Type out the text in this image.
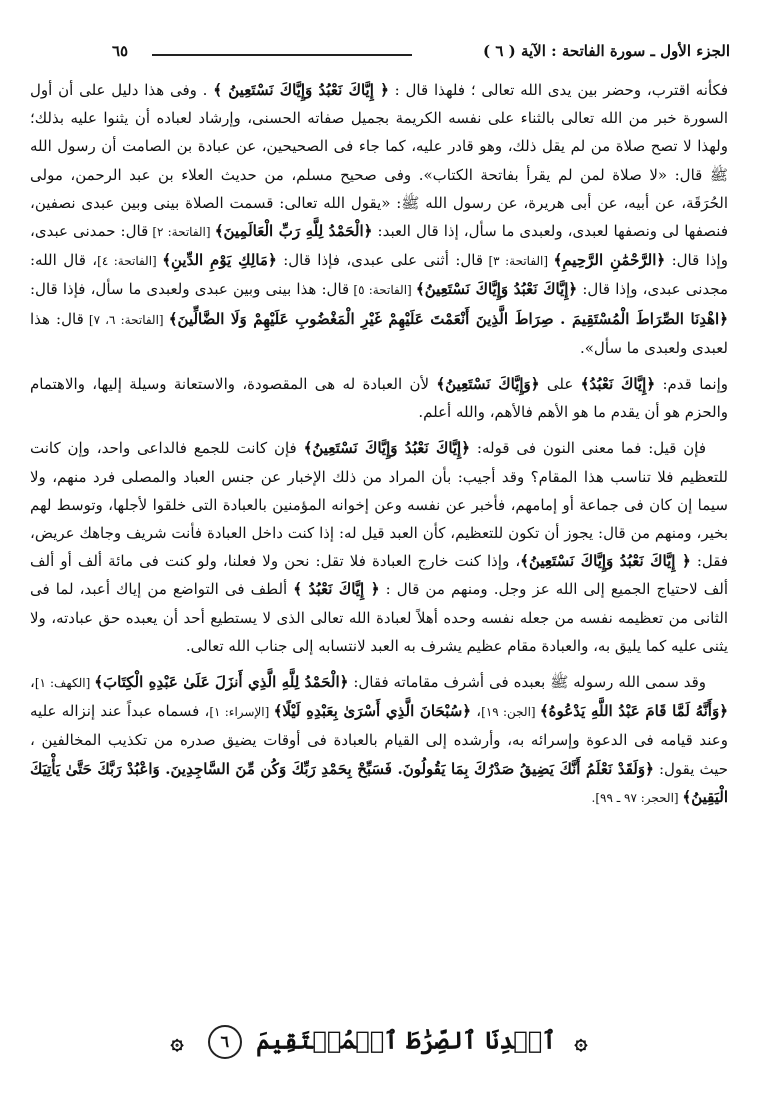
الجزء الأول ـ سورة الفاتحة : الآية ( ٦ )
٦٥

فكأنه اقترب، وحضر بين يدى الله تعالى ؛ فلهذا قال : ﴿ إِيَّاكَ نَعْبُدُ وَإِيَّاكَ نَسْتَعِينُ ﴾ . وفى هذا دليل على أن أول السورة خبر من الله تعالى بالثناء على نفسه الكريمة بجميل صفاته الحسنى، وإرشاد لعباده أن يثنوا عليه بذلك؛ ولهذا لا تصح صلاة من لم يقل ذلك، وهو قادر عليه، كما جاء فى الصحيحين، عن عبادة بن الصامت أن رسول الله ﷺ قال: «لا صلاة لمن لم يقرأ بفاتحة الكتاب». وفى صحيح مسلم، من حديث العلاء بن عبد الرحمن، مولى الحُرَقَة، عن أبيه، عن أبى هريرة، عن رسول الله ﷺ: «يقول الله تعالى: قسمت الصلاة بينى وبين عبدى نصفين، فنصفها لى ونصفها لعبدى، ولعبدى ما سأل، إذا قال العبد: ﴿الْحَمْدُ لِلَّهِ رَبِّ الْعَالَمِينَ﴾ [الفاتحة: ٢] قال: حمدنى عبدى، وإذا قال: ﴿الرَّحْمَٰنِ الرَّحِيمِ﴾ [الفاتحة: ٣] قال: أثنى على عبدى، فإذا قال: ﴿مَالِكِ يَوْمِ الدِّينِ﴾ [الفاتحة: ٤]، قال الله: مجدنى عبدى، وإذا قال: ﴿إِيَّاكَ نَعْبُدُ وَإِيَّاكَ نَسْتَعِينُ﴾ [الفاتحة: ٥] قال: هذا بينى وبين عبدى ولعبدى ما سأل، فإذا قال: ﴿اهْدِنَا الصِّرَاطَ الْمُسْتَقِيمَ . صِرَاطَ الَّذِينَ أَنْعَمْتَ عَلَيْهِمْ غَيْرِ الْمَغْضُوبِ عَلَيْهِمْ وَلَا الضَّالِّينَ﴾ [الفاتحة: ٦، ٧] قال: هذا لعبدى ولعبدى ما سأل».

وإنما قدم: ﴿إِيَّاكَ نَعْبُدُ﴾ على ﴿وَإِيَّاكَ نَسْتَعِينُ﴾ لأن العبادة له هى المقصودة، والاستعانة وسيلة إليها، والاهتمام والحزم هو أن يقدم ما هو الأهم فالأهم، والله أعلم.

فإن قيل: فما معنى النون فى قوله: ﴿إِيَّاكَ نَعْبُدُ وَإِيَّاكَ نَسْتَعِينُ﴾ فإن كانت للجمع فالداعى واحد، وإن كانت للتعظيم فلا تناسب هذا المقام؟ وقد أجيب: بأن المراد من ذلك الإخبار عن جنس العباد والمصلى فرد منهم، ولا سيما إن كان فى جماعة أو إمامهم، فأخبر عن نفسه وعن إخوانه المؤمنين بالعبادة التى خلقوا لأجلها، وتوسط لهم بخير، ومنهم من قال: يجوز أن تكون للتعظيم، كأن العبد قيل له: إذا كنت داخل العبادة فأنت شريف وجاهك عريض، فقل: ﴿ إِيَّاكَ نَعْبُدُ وَإِيَّاكَ نَسْتَعِينُ﴾، وإذا كنت خارج العبادة فلا تقل: نحن ولا فعلنا، ولو كنت فى مائة ألف أو ألف ألف لاحتياج الجميع إلى الله عز وجل. ومنهم من قال : ﴿ إِيَّاكَ نَعْبُدُ ﴾ ألطف فى التواضع من إياك أعبد، لما فى الثانى من تعظيمه نفسه من جعله نفسه وحده أهلاً لعبادة الله تعالى الذى لا يستطيع أحد أن يعبده حق عبادته، ولا يثنى عليه كما يليق به، والعبادة مقام عظيم يشرف به العبد لانتسابه إلى جناب الله تعالى.

وقد سمى الله رسوله ﷺ بعبده فى أشرف مقاماته فقال: ﴿الْحَمْدُ لِلَّهِ الَّذِي أَنزَلَ عَلَىٰ عَبْدِهِ الْكِتَابَ﴾ [الكهف: ١]، ﴿وَأَنَّهُ لَمَّا قَامَ عَبْدُ اللَّهِ يَدْعُوهُ﴾ [الجن: ١٩]، ﴿سُبْحَانَ الَّذِي أَسْرَىٰ بِعَبْدِهِ لَيْلًا﴾ [الإسراء: ١]، فسماه عبداً عند إنزاله عليه وعند قيامه فى الدعوة وإسرائه به، وأرشده إلى القيام بالعبادة فى أوقات يضيق صدره من تكذيب المخالفين ، حيث يقول: ﴿وَلَقَدْ نَعْلَمُ أَنَّكَ يَضِيقُ صَدْرُكَ بِمَا يَقُولُونَ. فَسَبِّحْ بِحَمْدِ رَبِّكَ وَكُن مِّنَ السَّاجِدِينَ. وَاعْبُدْ رَبَّكَ حَتَّىٰ يَأْتِيَكَ الْيَقِينُ﴾ [الحجر: ٩٧ ـ ٩٩].

۞ ٱهۡدِنَا ٱلصِّرَٰطَ ٱلۡمُسۡتَقِيمَ ٦ ۞
